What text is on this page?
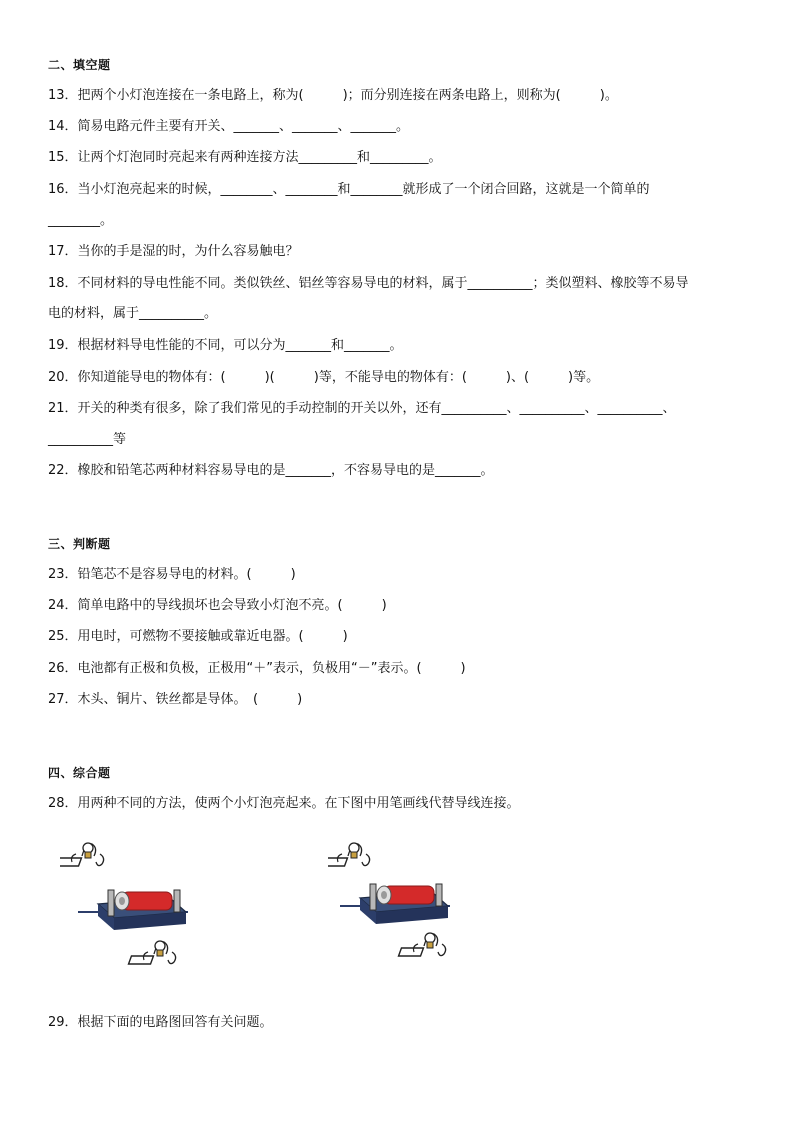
二、填空题
13．把两个小灯泡连接在一条电路上，称为(　　　)；而分别连接在两条电路上，则称为(　　　)。
14．简易电路元件主要有开关、_______、_______、_______。
15．让两个灯泡同时亮起来有两种连接方法_________和_________。
16．当小灯泡亮起来的时候，________、________和________就形成了一个闭合回路，这就是一个简单的
________。
17．当你的手是湿的时，为什么容易触电？
18．不同材料的导电性能不同。类似铁丝、铝丝等容易导电的材料，属于__________；类似塑料、橡胶等不易导
电的材料，属于__________。
19．根据材料导电性能的不同，可以分为_______和_______。
20．你知道能导电的物体有：(　　　)(　　　)等，不能导电的物体有：(　　　)、(　　　)等。
21．开关的种类有很多，除了我们常见的手动控制的开关以外，还有__________、__________、__________、
__________等
22．橡胶和铅笔芯两种材料容易导电的是_______，不容易导电的是_______。
三、判断题
23．铅笔芯不是容易导电的材料。(　　　)
24．简单电路中的导线损坏也会导致小灯泡不亮。(　　　)
25．用电时，可燃物不要接触或靠近电器。(　　　)
26．电池都有正极和负极，正极用“＋”表示，负极用“－”表示。(　　　)
27．木头、铜片、铁丝都是导体。　(　　　)
四、综合题
28．用两种不同的方法，使两个小灯泡亮起来。在下图中用笔画线代替导线连接。
29．根据下面的电路图回答有关问题。
